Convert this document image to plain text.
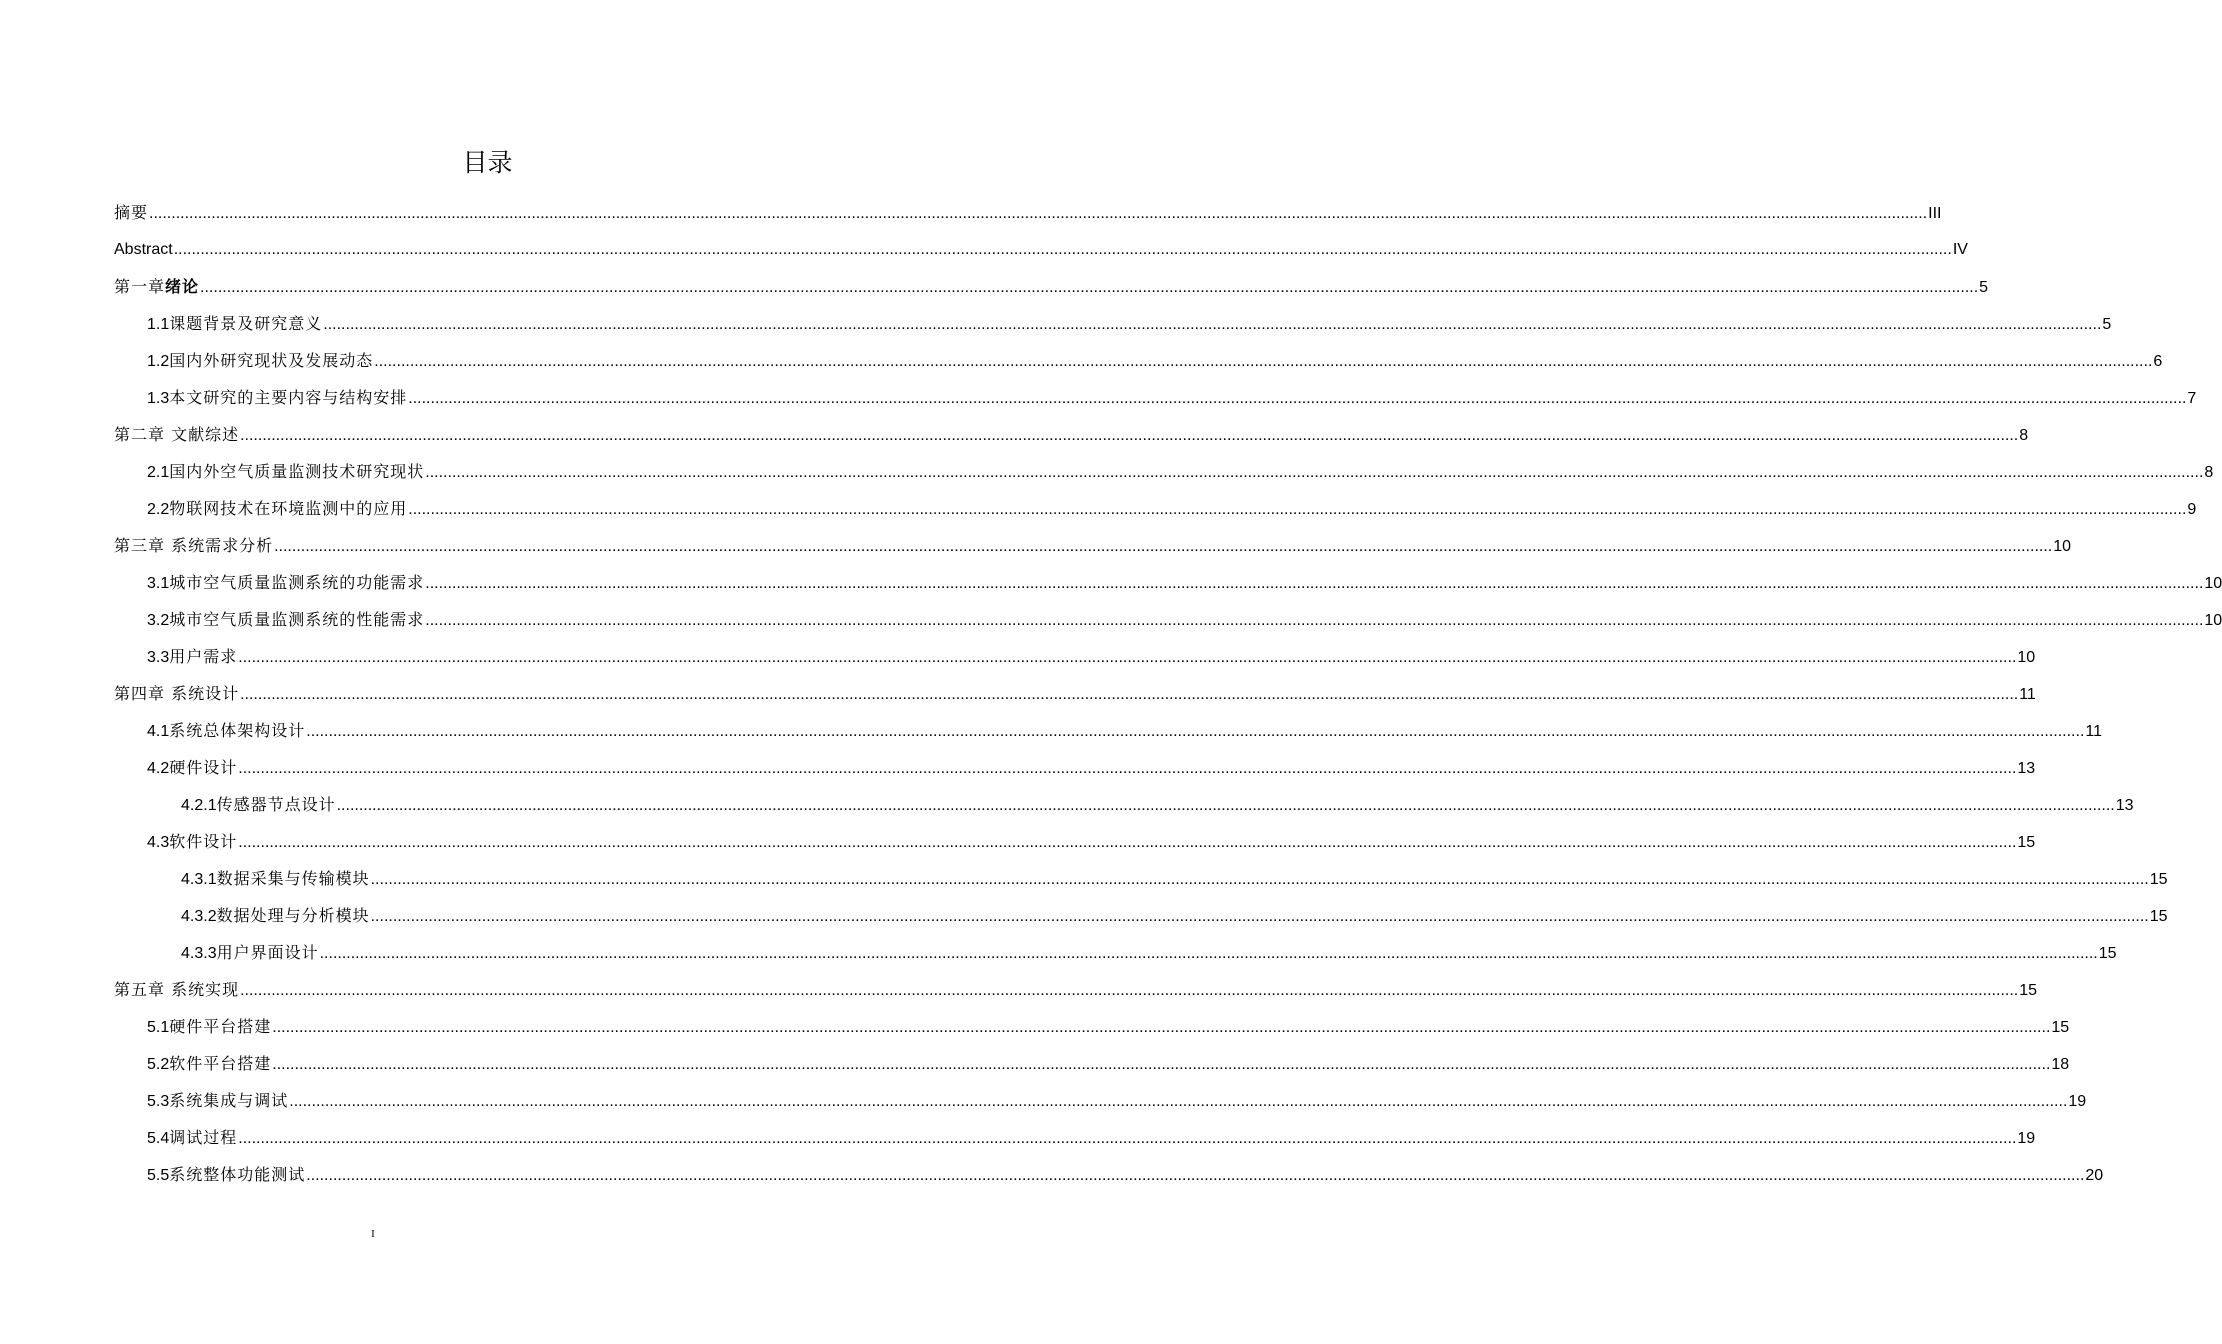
目录
摘要 ................................................................................................................................................................................................................................................................................................................................................................................................................ III
Abstract ................................................................................................................................................................................................................................................................................................................................................................................................................ IV
第一章 绪论 ................................................................................................................................................................................................................................................................................................................................................................................................................ 5
1.1 课题背景及研究意义 ................................................................................................................................................................................................................................................................................................................................................................................................................ 5
1.2 国内外研究现状及发展动态 ................................................................................................................................................................................................................................................................................................................................................................................................................ 6
1.3 本文研究的主要内容与结构安排 ................................................................................................................................................................................................................................................................................................................................................................................................................ 7
第二章 文献综述 ................................................................................................................................................................................................................................................................................................................................................................................................................ 8
2.1 国内外空气质量监测技术研究现状 ................................................................................................................................................................................................................................................................................................................................................................................................................ 8
2.2 物联网技术在环境监测中的应用 ................................................................................................................................................................................................................................................................................................................................................................................................................ 9
第三章 系统需求分析 ................................................................................................................................................................................................................................................................................................................................................................................................................ 10
3.1 城市空气质量监测系统的功能需求 ................................................................................................................................................................................................................................................................................................................................................................................................................ 10
3.2 城市空气质量监测系统的性能需求 ................................................................................................................................................................................................................................................................................................................................................................................................................ 10
3.3 用户需求 ................................................................................................................................................................................................................................................................................................................................................................................................................ 10
第四章 系统设计 ................................................................................................................................................................................................................................................................................................................................................................................................................ 11
4.1 系统总体架构设计 ................................................................................................................................................................................................................................................................................................................................................................................................................ 11
4.2 硬件设计 ................................................................................................................................................................................................................................................................................................................................................................................................................ 13
4.2.1 传感器节点设计 ................................................................................................................................................................................................................................................................................................................................................................................................................ 13
4.3 软件设计 ................................................................................................................................................................................................................................................................................................................................................................................................................ 15
4.3.1 数据采集与传输模块 ................................................................................................................................................................................................................................................................................................................................................................................................................ 15
4.3.2 数据处理与分析模块 ................................................................................................................................................................................................................................................................................................................................................................................................................ 15
4.3.3 用户界面设计 ................................................................................................................................................................................................................................................................................................................................................................................................................ 15
第五章 系统实现 ................................................................................................................................................................................................................................................................................................................................................................................................................ 15
5.1 硬件平台搭建 ................................................................................................................................................................................................................................................................................................................................................................................................................ 15
5.2 软件平台搭建 ................................................................................................................................................................................................................................................................................................................................................................................................................ 18
5.3 系统集成与调试 ................................................................................................................................................................................................................................................................................................................................................................................................................ 19
5.4 调试过程 ................................................................................................................................................................................................................................................................................................................................................................................................................ 19
5.5 系统整体功能测试 ................................................................................................................................................................................................................................................................................................................................................................................................................ 20
I
